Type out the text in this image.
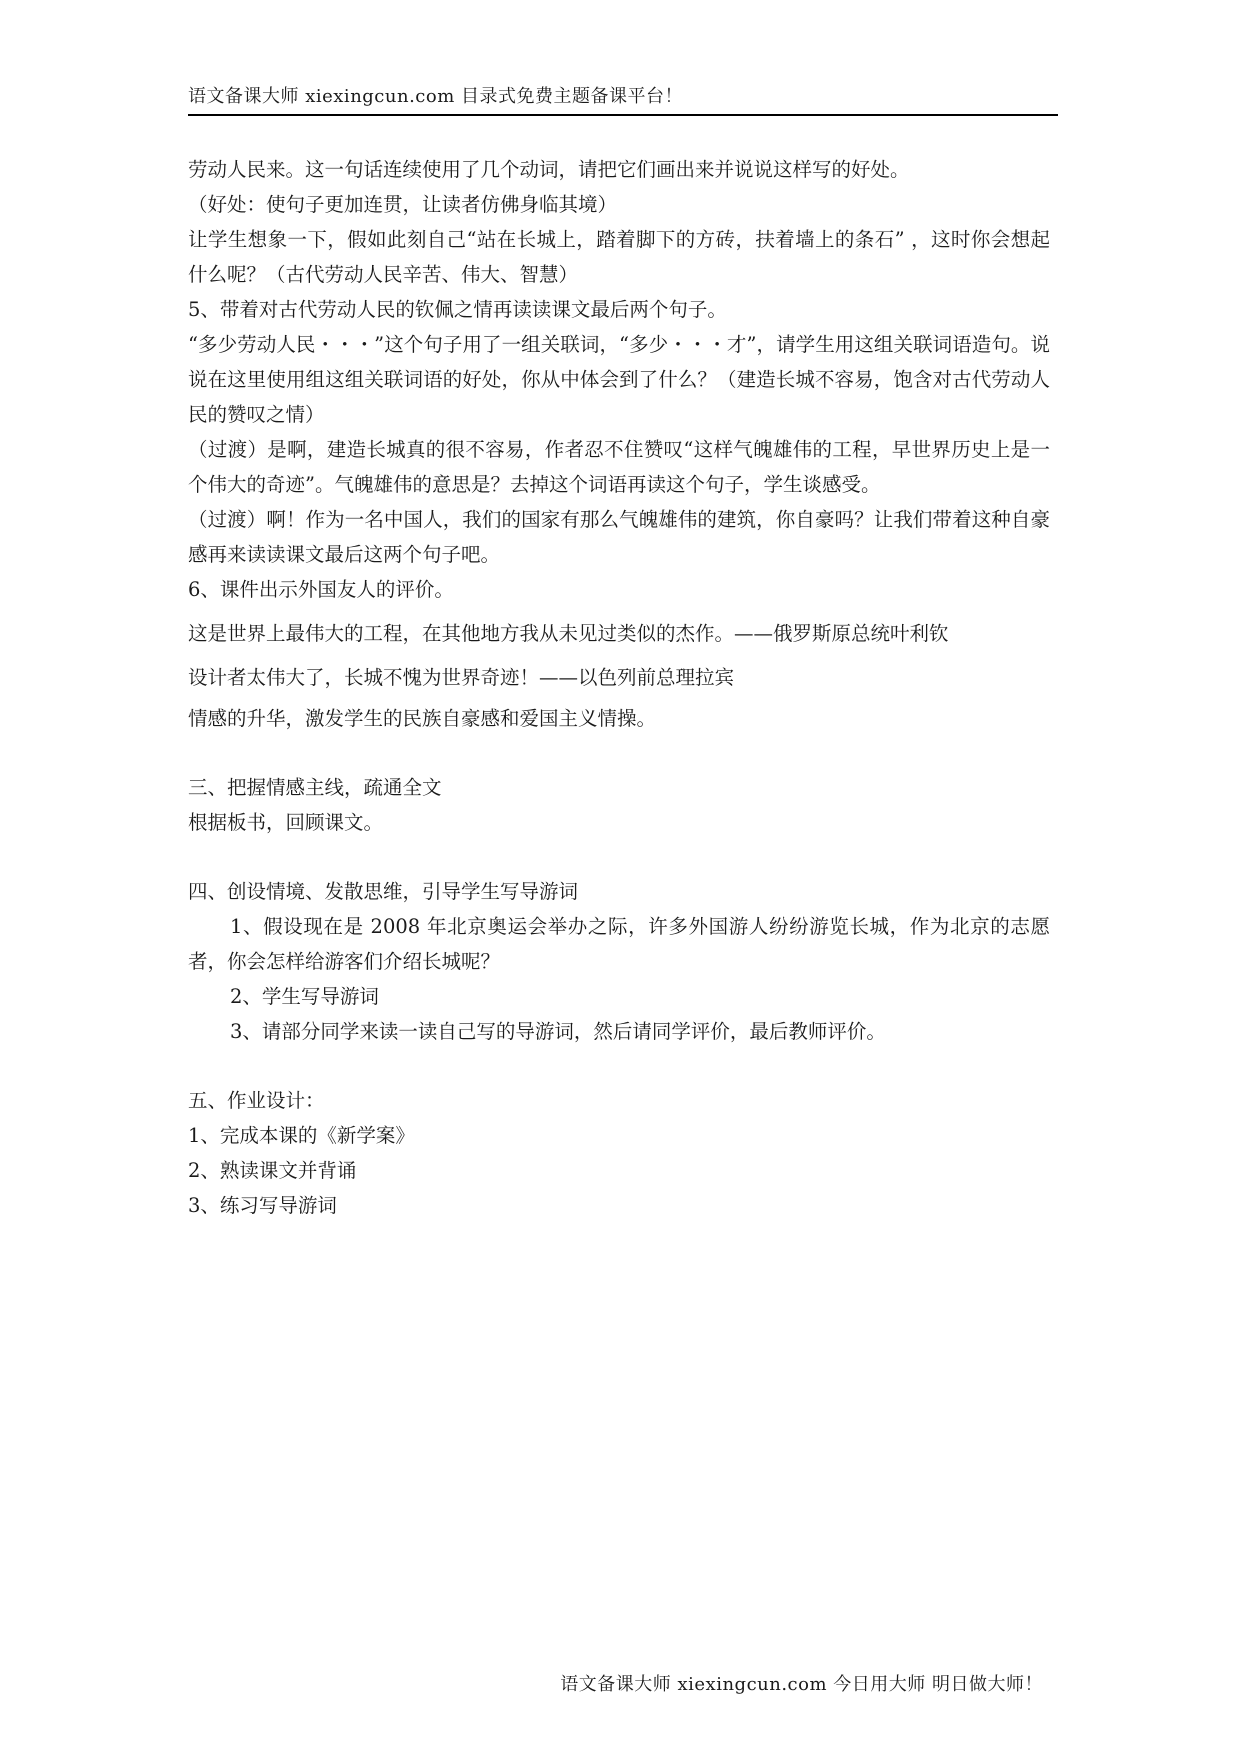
语文备课大师 xiexingcun.com 目录式免费主题备课平台！

劳动人民来。这一句话连续使用了几个动词，请把它们画出来并说说这样写的好处。

（好处：使句子更加连贯，让读者仿佛身临其境）

让学生想象一下，假如此刻自己“站在长城上，踏着脚下的方砖，扶着墙上的条石” ，这时你会想起什么呢？（古代劳动人民辛苦、伟大、智慧）

5、带着对古代劳动人民的钦佩之情再读读课文最后两个句子。

“多少劳动人民・・・”这个句子用了一组关联词，“多少・・・才”，请学生用这组关联词语造句。说说在这里使用组这组关联词语的好处，你从中体会到了什么？（建造长城不容易，饱含对古代劳动人民的赞叹之情）

（过渡）是啊，建造长城真的很不容易，作者忍不住赞叹“这样气魄雄伟的工程，早世界历史上是一个伟大的奇迹”。气魄雄伟的意思是？去掉这个词语再读这个句子，学生谈感受。

（过渡）啊！作为一名中国人，我们的国家有那么气魄雄伟的建筑，你自豪吗？让我们带着这种自豪感再来读读课文最后这两个句子吧。

6、课件出示外国友人的评价。

这是世界上最伟大的工程，在其他地方我从未见过类似的杰作。——俄罗斯原总统叶利钦

设计者太伟大了，长城不愧为世界奇迹！——以色列前总理拉宾

情感的升华，激发学生的民族自豪感和爱国主义情操。

三、把握情感主线，疏通全文

根据板书，回顾课文。

四、创设情境、发散思维，引导学生写导游词

1、假设现在是 2008 年北京奥运会举办之际，许多外国游人纷纷游览长城，作为北京的志愿者，你会怎样给游客们介绍长城呢？

2、学生写导游词

3、请部分同学来读一读自己写的导游词，然后请同学评价，最后教师评价。

五、作业设计：

1、完成本课的《新学案》

2、熟读课文并背诵

3、练习写导游词

语文备课大师 xiexingcun.com 今日用大师 明日做大师！
